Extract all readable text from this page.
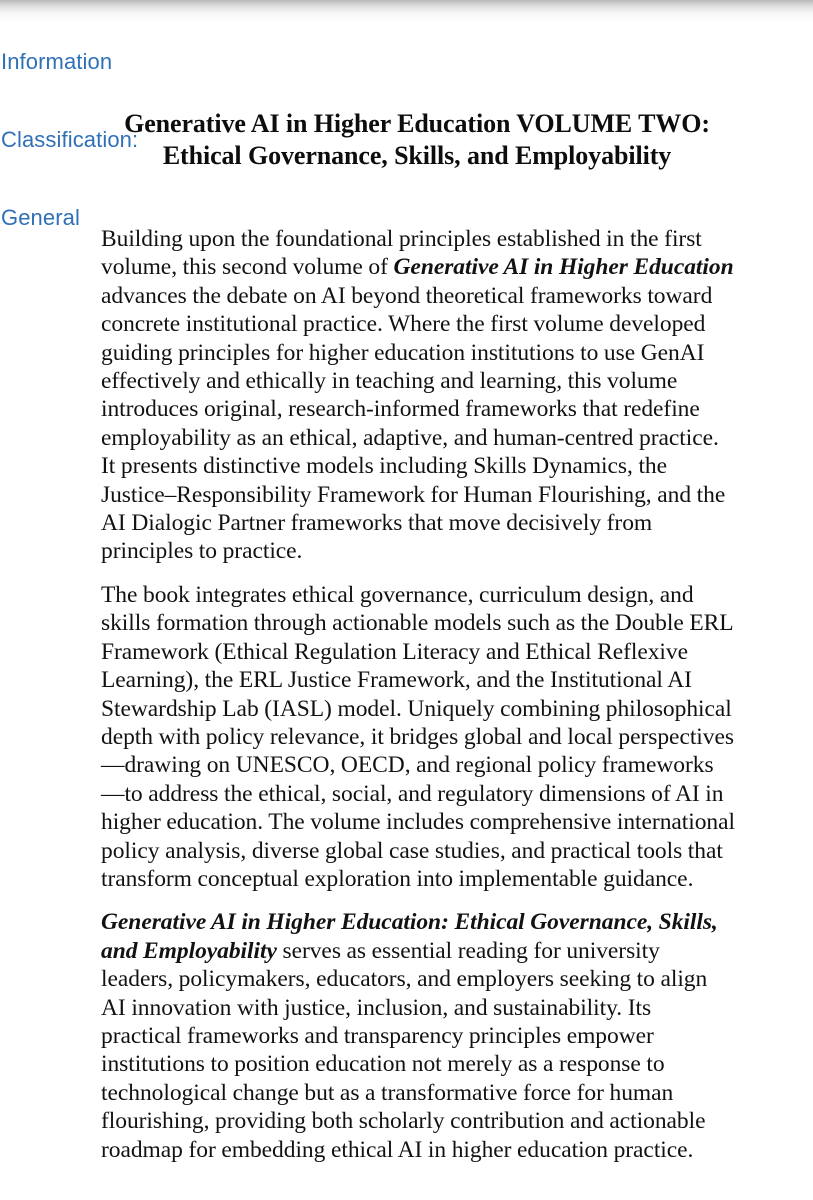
Generative AI in Higher Education VOLUME TWO: Ethical Governance, Skills, and Employability

Building upon the foundational principles established in the first volume, this second volume of Generative AI in Higher Education advances the debate on AI beyond theoretical frameworks toward concrete institutional practice. Where the first volume developed guiding principles for higher education institutions to use GenAI effectively and ethically in teaching and learning, this volume introduces original, research-informed frameworks that redefine employability as an ethical, adaptive, and human-centred practice. It presents distinctive models including Skills Dynamics, the Justice–Responsibility Framework for Human Flourishing, and the AI Dialogic Partner frameworks that move decisively from principles to practice.

The book integrates ethical governance, curriculum design, and skills formation through actionable models such as the Double ERL Framework (Ethical Regulation Literacy and Ethical Reflexive Learning), the ERL Justice Framework, and the Institutional AI Stewardship Lab (IASL) model. Uniquely combining philosophical depth with policy relevance, it bridges global and local perspectives—drawing on UNESCO, OECD, and regional policy frameworks—to address the ethical, social, and regulatory dimensions of AI in higher education. The volume includes comprehensive international policy analysis, diverse global case studies, and practical tools that transform conceptual exploration into implementable guidance.

Generative AI in Higher Education: Ethical Governance, Skills, and Employability serves as essential reading for university leaders, policymakers, educators, and employers seeking to align AI innovation with justice, inclusion, and sustainability. Its practical frameworks and transparency principles empower institutions to position education not merely as a response to technological change but as a transformative force for human flourishing, providing both scholarly contribution and actionable roadmap for embedding ethical AI in higher education practice.

Information

Classification:

General
